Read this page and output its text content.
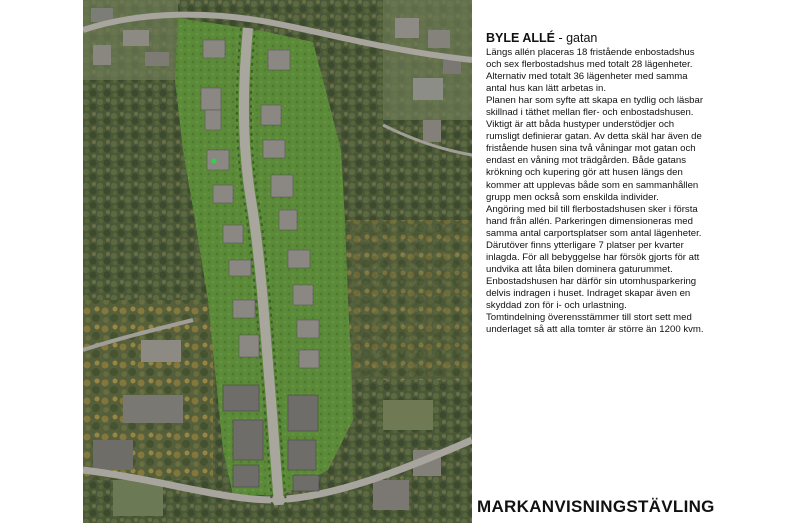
BYLE ALLÉ - gatan

Längs allén placeras 18 fristående enbostadshus
och sex flerbostadshus med totalt 28 lägenheter.
Alternativ med totalt 36 lägenheter med samma
antal hus kan lätt arbetas in.
Planen har som syfte att skapa en tydlig och läsbar
skillnad i täthet mellan fler- och enbostadshusen.
Viktigt är att båda hustyper understödjer och
rumsligt definierar gatan. Av detta skäl har även de
fristående husen sina två våningar mot gatan och
endast en våning mot trädgården. Både gatans
krökning och kupering gör att husen längs den
kommer att upplevas både som en sammanhållen
grupp men också som enskilda individer.
Angöring med bil till flerbostadshusen sker i första
hand från allén. Parkeringen dimensioneras med
samma antal carportsplatser som antal lägenheter.
Därutöver finns ytterligare 7 platser per kvarter
inlagda. För all bebyggelse har försök gjorts för att
undvika att låta bilen dominera gaturummet.
Enbostadshusen har därför sin utomhusparkering
delvis indragen i huset. Indraget skapar även en
skyddad zon för i- och urlastning.
Tomtindelning överensstämmer till stort sett med
underlaget så att alla tomter är större än 1200 kvm.
MARKANVISNINGSTÄVLING
